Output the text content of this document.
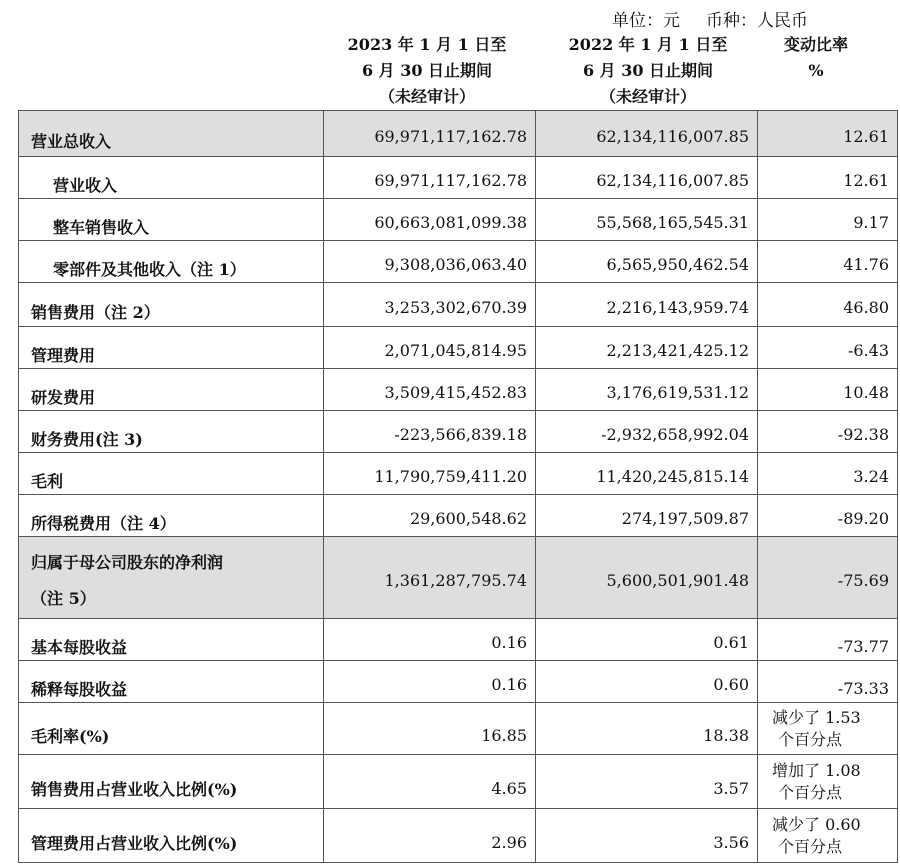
单位：元 币种：人民币
2023 年 1 月 1 日至
6 月 30 日止期间
（未经审计）
2022 年 1 月 1 日至
6 月 30 日止期间
（未经审计）
变动比率
%
营业总收入	69,971,117,162.78	62,134,116,007.85	12.61
营业收入	69,971,117,162.78	62,134,116,007.85	12.61
整车销售收入	60,663,081,099.38	55,568,165,545.31	9.17
零部件及其他收入（注 1）	9,308,036,063.40	6,565,950,462.54	41.76
销售费用（注 2）	3,253,302,670.39	2,216,143,959.74	46.80
管理费用	2,071,045,814.95	2,213,421,425.12	-6.43
研发费用	3,509,415,452.83	3,176,619,531.12	10.48
财务费用(注 3)	-223,566,839.18	-2,932,658,992.04	-92.38
毛利	11,790,759,411.20	11,420,245,815.14	3.24
所得税费用（注 4）	29,600,548.62	274,197,509.87	-89.20

归属于母公司股东的净利润
（注 5）	1,361,287,795.74	5,600,501,901.48	-75.69
基本每股收益	0.16	0.61	-73.77
稀释每股收益	0.16	0.60	-73.33
毛利率(%)	16.85	18.38	减少了 1.53
个百分点

销售费用占营业收入比例(%)	4.65	3.57	增加了 1.08
个百分点

管理费用占营业收入比例(%)	2.96	3.56	减少了 0.60
个百分点
